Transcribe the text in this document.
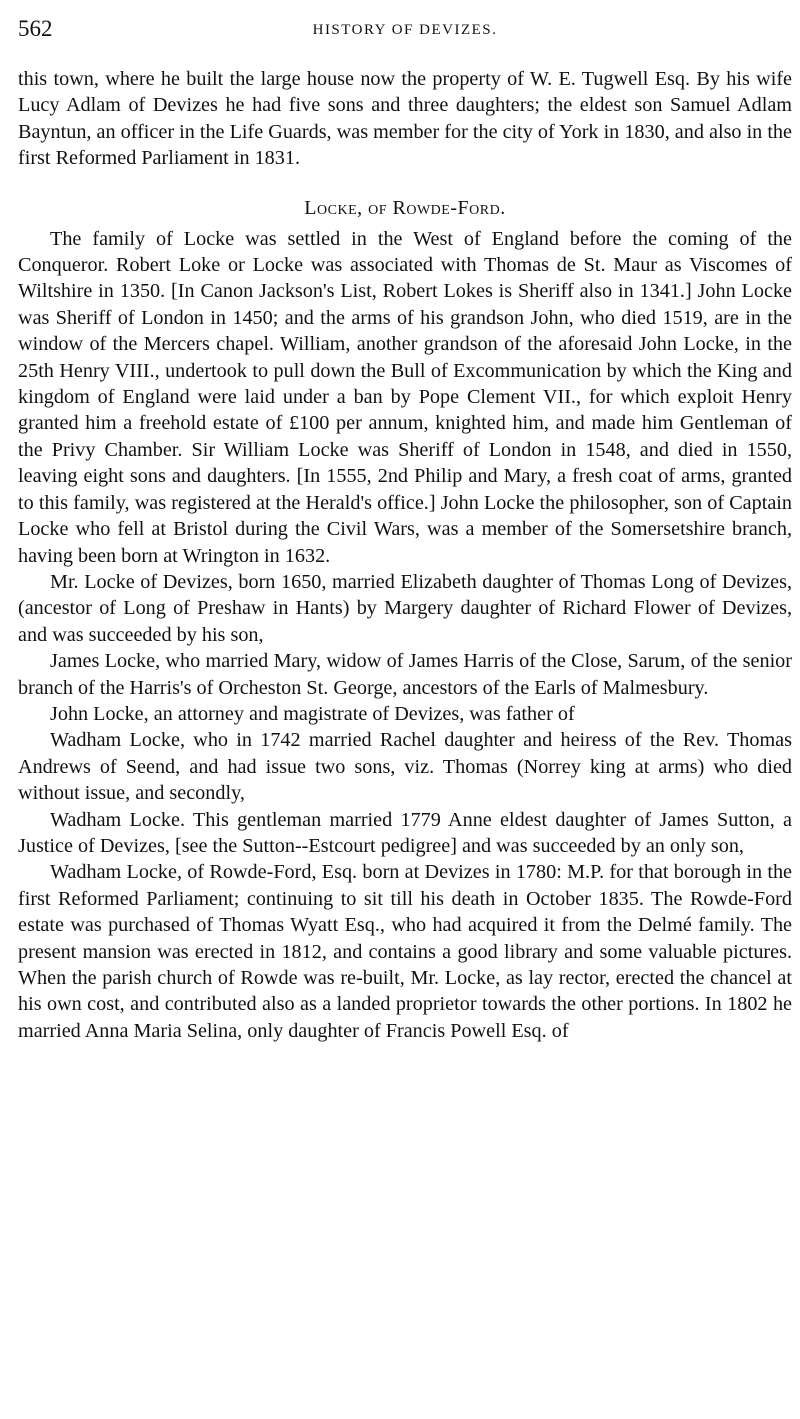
562	HISTORY OF DEVIZES.

this town, where he built the large house now the property of W. E. Tugwell Esq. By his wife Lucy Adlam of Devizes he had five sons and three daughters; the eldest son Samuel Adlam Bayntun, an officer in the Life Guards, was member for the city of York in 1830, and also in the first Reformed Parliament in 1831.

Locke, of Rowde-Ford.

The family of Locke was settled in the West of England before the coming of the Conqueror. Robert Loke or Locke was associated with Thomas de St. Maur as Viscomes of Wiltshire in 1350. [In Canon Jackson's List, Robert Lokes is Sheriff also in 1341.] John Locke was Sheriff of London in 1450; and the arms of his grandson John, who died 1519, are in the window of the Mercers chapel. William, another grandson of the aforesaid John Locke, in the 25th Henry VIII., undertook to pull down the Bull of Excommunication by which the King and kingdom of England were laid under a ban by Pope Clement VII., for which exploit Henry granted him a freehold estate of £100 per annum, knighted him, and made him Gentleman of the Privy Chamber. Sir William Locke was Sheriff of London in 1548, and died in 1550, leaving eight sons and daughters. [In 1555, 2nd Philip and Mary, a fresh coat of arms, granted to this family, was registered at the Herald's office.] John Locke the philosopher, son of Captain Locke who fell at Bristol during the Civil Wars, was a member of the Somersetshire branch, having been born at Wrington in 1632.

Mr. Locke of Devizes, born 1650, married Elizabeth daughter of Thomas Long of Devizes, (ancestor of Long of Preshaw in Hants) by Margery daughter of Richard Flower of Devizes, and was succeeded by his son,

James Locke, who married Mary, widow of James Harris of the Close, Sarum, of the senior branch of the Harris's of Orcheston St. George, ancestors of the Earls of Malmesbury.

John Locke, an attorney and magistrate of Devizes, was father of

Wadham Locke, who in 1742 married Rachel daughter and heiress of the Rev. Thomas Andrews of Seend, and had issue two sons, viz. Thomas (Norrey king at arms) who died without issue, and secondly,

Wadham Locke. This gentleman married 1779 Anne eldest daughter of James Sutton, a Justice of Devizes, [see the Sutton--Estcourt pedigree] and was succeeded by an only son,

Wadham Locke, of Rowde-Ford, Esq. born at Devizes in 1780: M.P. for that borough in the first Reformed Parliament; continuing to sit till his death in October 1835. The Rowde-Ford estate was purchased of Thomas Wyatt Esq., who had acquired it from the Delmé family. The present mansion was erected in 1812, and contains a good library and some valuable pictures. When the parish church of Rowde was re-built, Mr. Locke, as lay rector, erected the chancel at his own cost, and contributed also as a landed proprietor towards the other portions. In 1802 he married Anna Maria Selina, only daughter of Francis Powell Esq. of
